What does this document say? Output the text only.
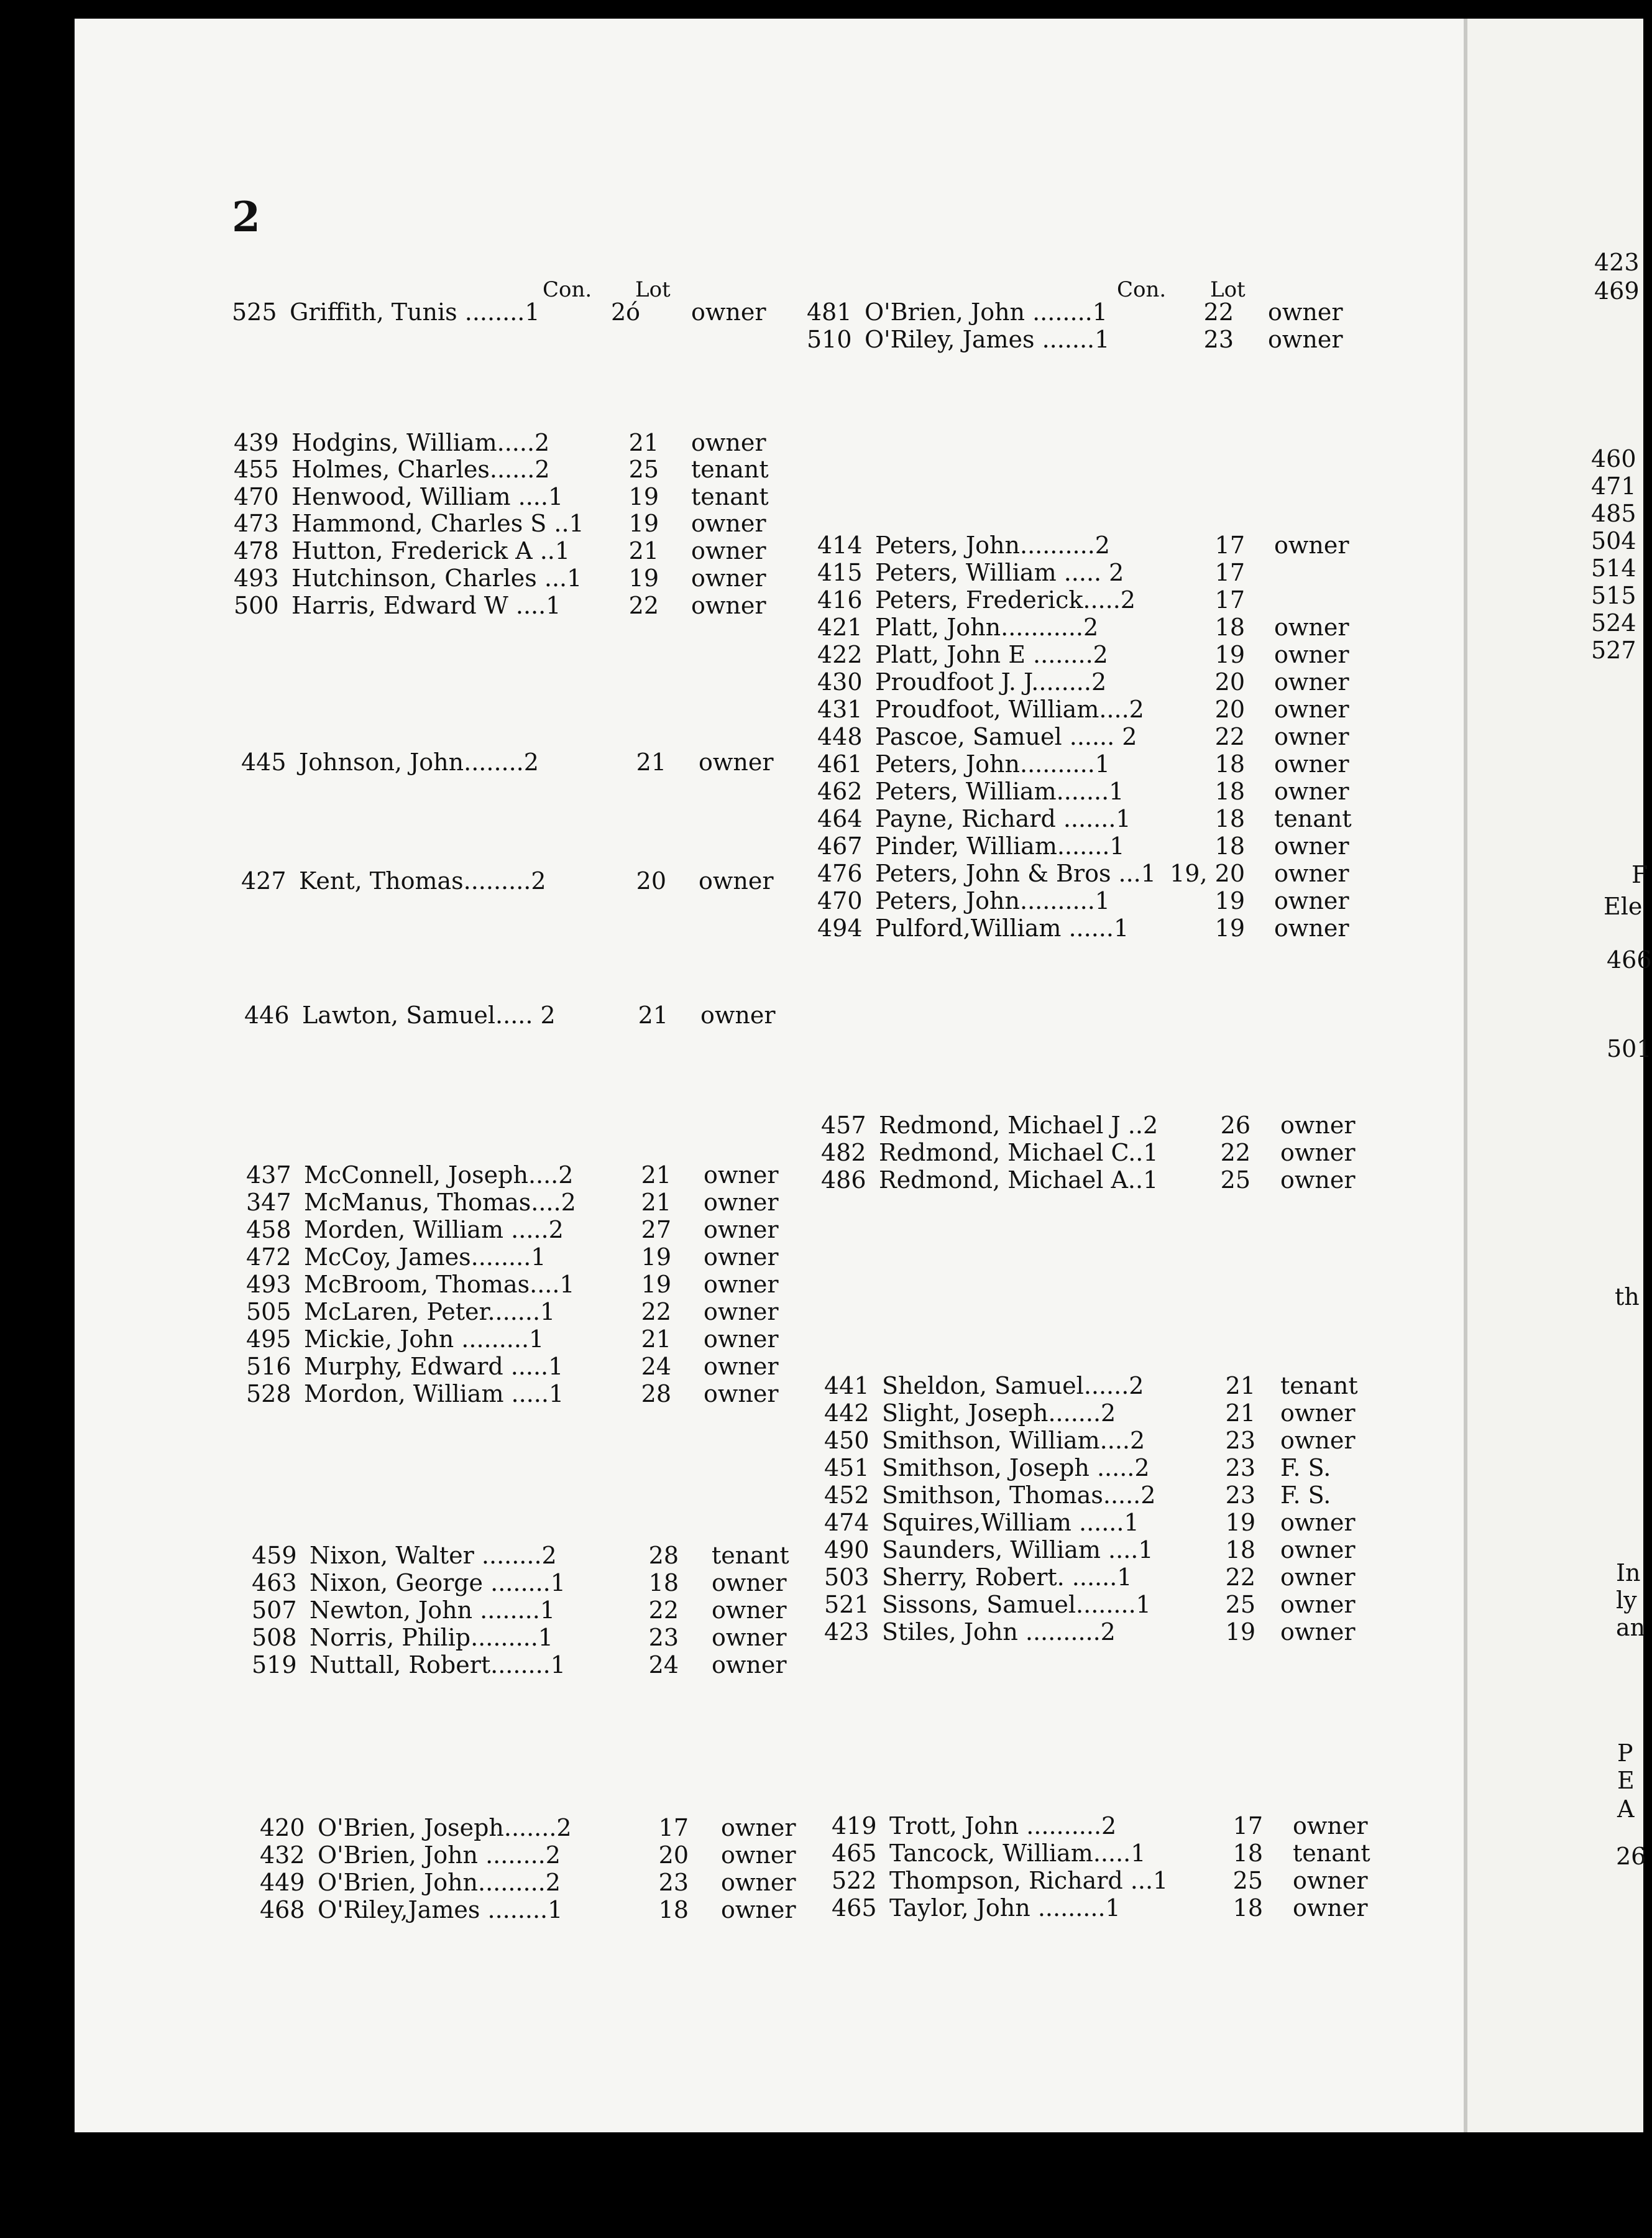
2
Con. Lot	Con. Lot
525 Griffith, Tunis ........1	2ó owner
439 Hodgins, William.....2	21 owner
455 Holmes, Charles......2	25 tenant
470 Henwood, William ....1	19 tenant
473 Hammond, Charles S ..1	19 owner
478 Hutton, Frederick A ..1	21 owner
493 Hutchinson, Charles ...1	19 owner
500 Harris, Edward W ....1	22 owner
445 Johnson, John........2	21 owner
427 Kent, Thomas.........2	20 owner
446 Lawton, Samuel..... 2	21 owner
437 McConnell, Joseph....2	21 owner
347 McManus, Thomas....2	21 owner
458 Morden, William .....2	27 owner
472 McCoy, James........1	19 owner
493 McBroom, Thomas....1	19 owner
505 McLaren, Peter.......1	22 owner
495 Mickie, John .........1	21 owner
516 Murphy, Edward .....1	24 owner
528 Mordon, William .....1	28 owner
459 Nixon, Walter ........2	28 tenant
463 Nixon, George ........1	18 owner
507 Newton, John ........1	22 owner
508 Norris, Philip.........1	23 owner
519 Nuttall, Robert........1	24 owner
420 O'Brien, Joseph.......2	17 owner
432 O'Brien, John ........2	20 owner
449 O'Brien, John.........2	23 owner
468 O'Riley,James ........1	18 owner
481 O'Brien, John ........1	22 owner
510 O'Riley, James .......1	23 owner
414 Peters, John..........2	17 owner
415 Peters, William ..... 2	17
416 Peters, Frederick.....2	17
421 Platt, John...........2	18 owner
422 Platt, John E ........2	19 owner
430 Proudfoot J. J........2	20 owner
431 Proudfoot, William....2	20 owner
448 Pascoe, Samuel ...... 2	22 owner
461 Peters, John..........1	18 owner
462 Peters, William.......1	18 owner
464 Payne, Richard .......1	18 tenant
467 Pinder, William.......1	18 owner
476 Peters, John & Bros ...1 19, 20 owner
470 Peters, John..........1	19 owner
494 Pulford,William ......1	19 owner
457 Redmond, Michael J ..2	26 owner
482 Redmond, Michael C..1	22 owner
486 Redmond, Michael A..1	25 owner
441 Sheldon, Samuel......2	21 tenant
442 Slight, Joseph.......2	21 owner
450 Smithson, William....2	23 owner
451 Smithson, Joseph .....2	23 F. S.
452 Smithson, Thomas.....2	23 F. S.
474 Squires,William ......1	19 owner
490 Saunders, William ....1	18 owner
503 Sherry, Robert. ......1	22 owner
521 Sissons, Samuel........1	25 owner
423 Stiles, John ..........2	19 owner
419 Trott, John ..........2	17 owner
465 Tancock, William.....1	18 tenant
522 Thompson, Richard ...1	25 owner
465 Taylor, John .........1	18 owner
423
469
460
471
485
504
514
515
524
527
F
Ele
466
501
th
In
ly
an
P
E
A
26
